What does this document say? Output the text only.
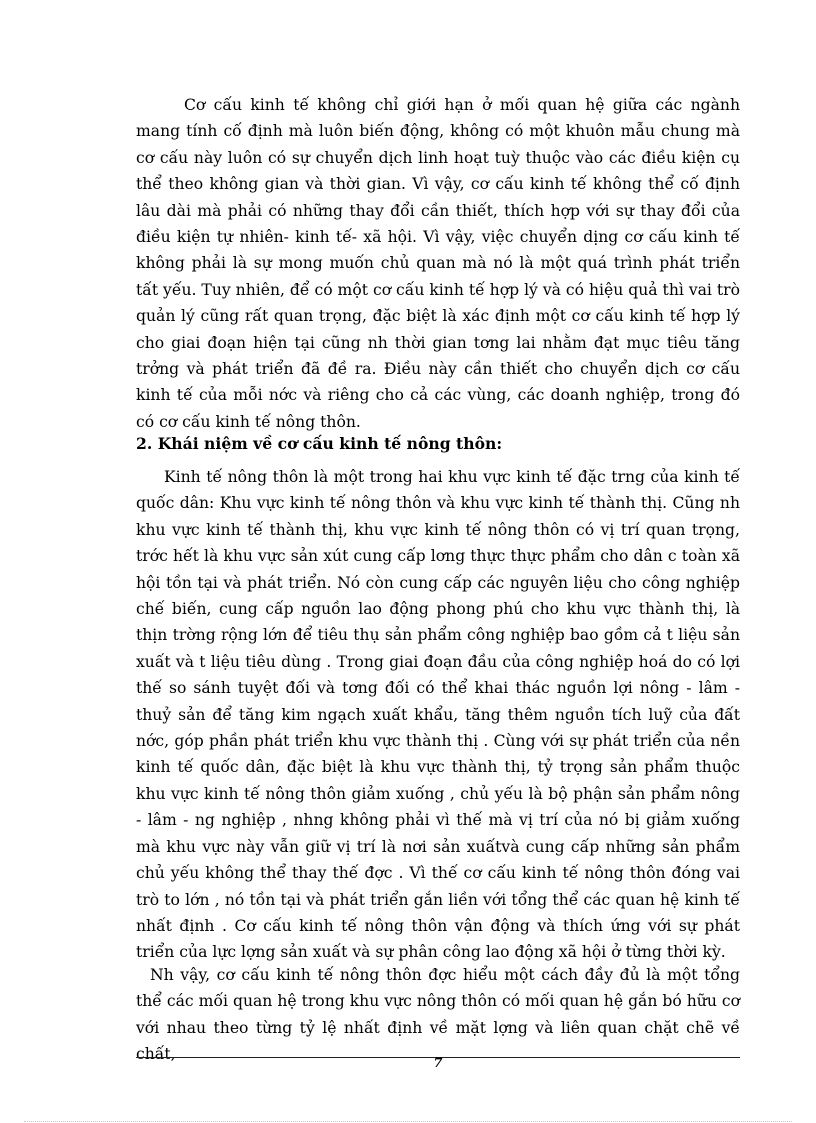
Cơ cấu kinh tế không chỉ giới hạn ở mối quan hệ giữa các ngành mang tính cố định mà luôn biến động, không có một khuôn mẫu chung mà cơ cấu này luôn có sự chuyển dịch linh hoạt tuỳ thuộc vào các điều kiện cụ thể theo không gian và thời gian. Vì vậy, cơ cấu kinh tế không thể cố định lâu dài mà phải có những thay đổi cần thiết, thích hợp với sự thay đổi của điều kiện tự nhiên- kinh tế- xã hội. Vì vậy, việc chuyển dịng cơ cấu kinh tế không phải là sự mong muốn chủ quan mà nó là một quá trình phát triển tất yếu. Tuy nhiên, để có một cơ cấu kinh tế hợp lý và có hiệu quả thì vai trò quản lý cũng rất quan trọng, đặc biệt là xác định một cơ cấu kinh tế hợp lý cho giai đoạn hiện tại cũng nh thời gian tơng lai nhằm đạt mục tiêu tăng trởng và phát triển đã đề ra. Điều này cần thiết cho chuyển dịch cơ cấu kinh tế của mỗi nớc và riêng cho cả các vùng, các doanh nghiệp, trong đó có cơ cấu kinh tế nông thôn.

2. Khái niệm về cơ cấu kinh tế nông thôn:

Kinh tế nông thôn là một trong hai khu vực kinh tế đặc trng của kinh tế quốc dân: Khu vực kinh tế nông thôn và khu vực kinh tế thành thị. Cũng nh khu vực kinh tế thành thị, khu vực kinh tế nông thôn có vị trí quan trọng, trớc hết là khu vực sản xút cung cấp lơng thực thực phẩm cho dân c toàn xã hội tồn tại và phát triển. Nó còn cung cấp các nguyên liệu cho công nghiệp chế biến, cung cấp nguồn lao động phong phú cho khu vực thành thị, là thịn trờng rộng lớn để tiêu thụ sản phẩm công nghiệp bao gồm cả t liệu sản xuất và t liệu tiêu dùng . Trong giai đoạn đầu của công nghiệp hoá do có lợi thế so sánh tuyệt đối và tơng đối có thể khai thác nguồn lợi nông - lâm - thuỷ sản để tăng kim ngạch xuất khẩu, tăng thêm nguồn tích luỹ của đất nớc, góp phần phát triển khu vực thành thị . Cùng với sự phát triển của nền kinh tế quốc dân, đặc biệt là khu vực thành thị, tỷ trọng sản phẩm thuộc khu vực kinh tế nông thôn giảm xuống , chủ yếu là bộ phận sản phẩm nông - lâm - ng nghiệp , nhng không phải vì thế mà vị trí của nó bị giảm xuống mà khu vực này vẫn giữ vị trí là nơi sản xuấtvà cung cấp những sản phẩm chủ yếu không thể thay thế đợc . Vì thế cơ cấu kinh tế nông thôn đóng vai trò to lớn , nó tồn tại và phát triển gắn liền với tổng thể các quan hệ kinh tế nhất định . Cơ cấu kinh tế nông thôn vận động và thích ứng với sự phát triển của lực lợng sản xuất và sự phân công lao động xã hội ở từng thời kỳ.

Nh vậy, cơ cấu kinh tế nông thôn đợc hiểu một cách đầy đủ là một tổng thể các mối quan hệ trong khu vực nông thôn có mối quan hệ gắn bó hữu cơ với nhau theo từng tỷ lệ nhất định về mặt lợng và liên quan chặt chẽ về chất,

7
